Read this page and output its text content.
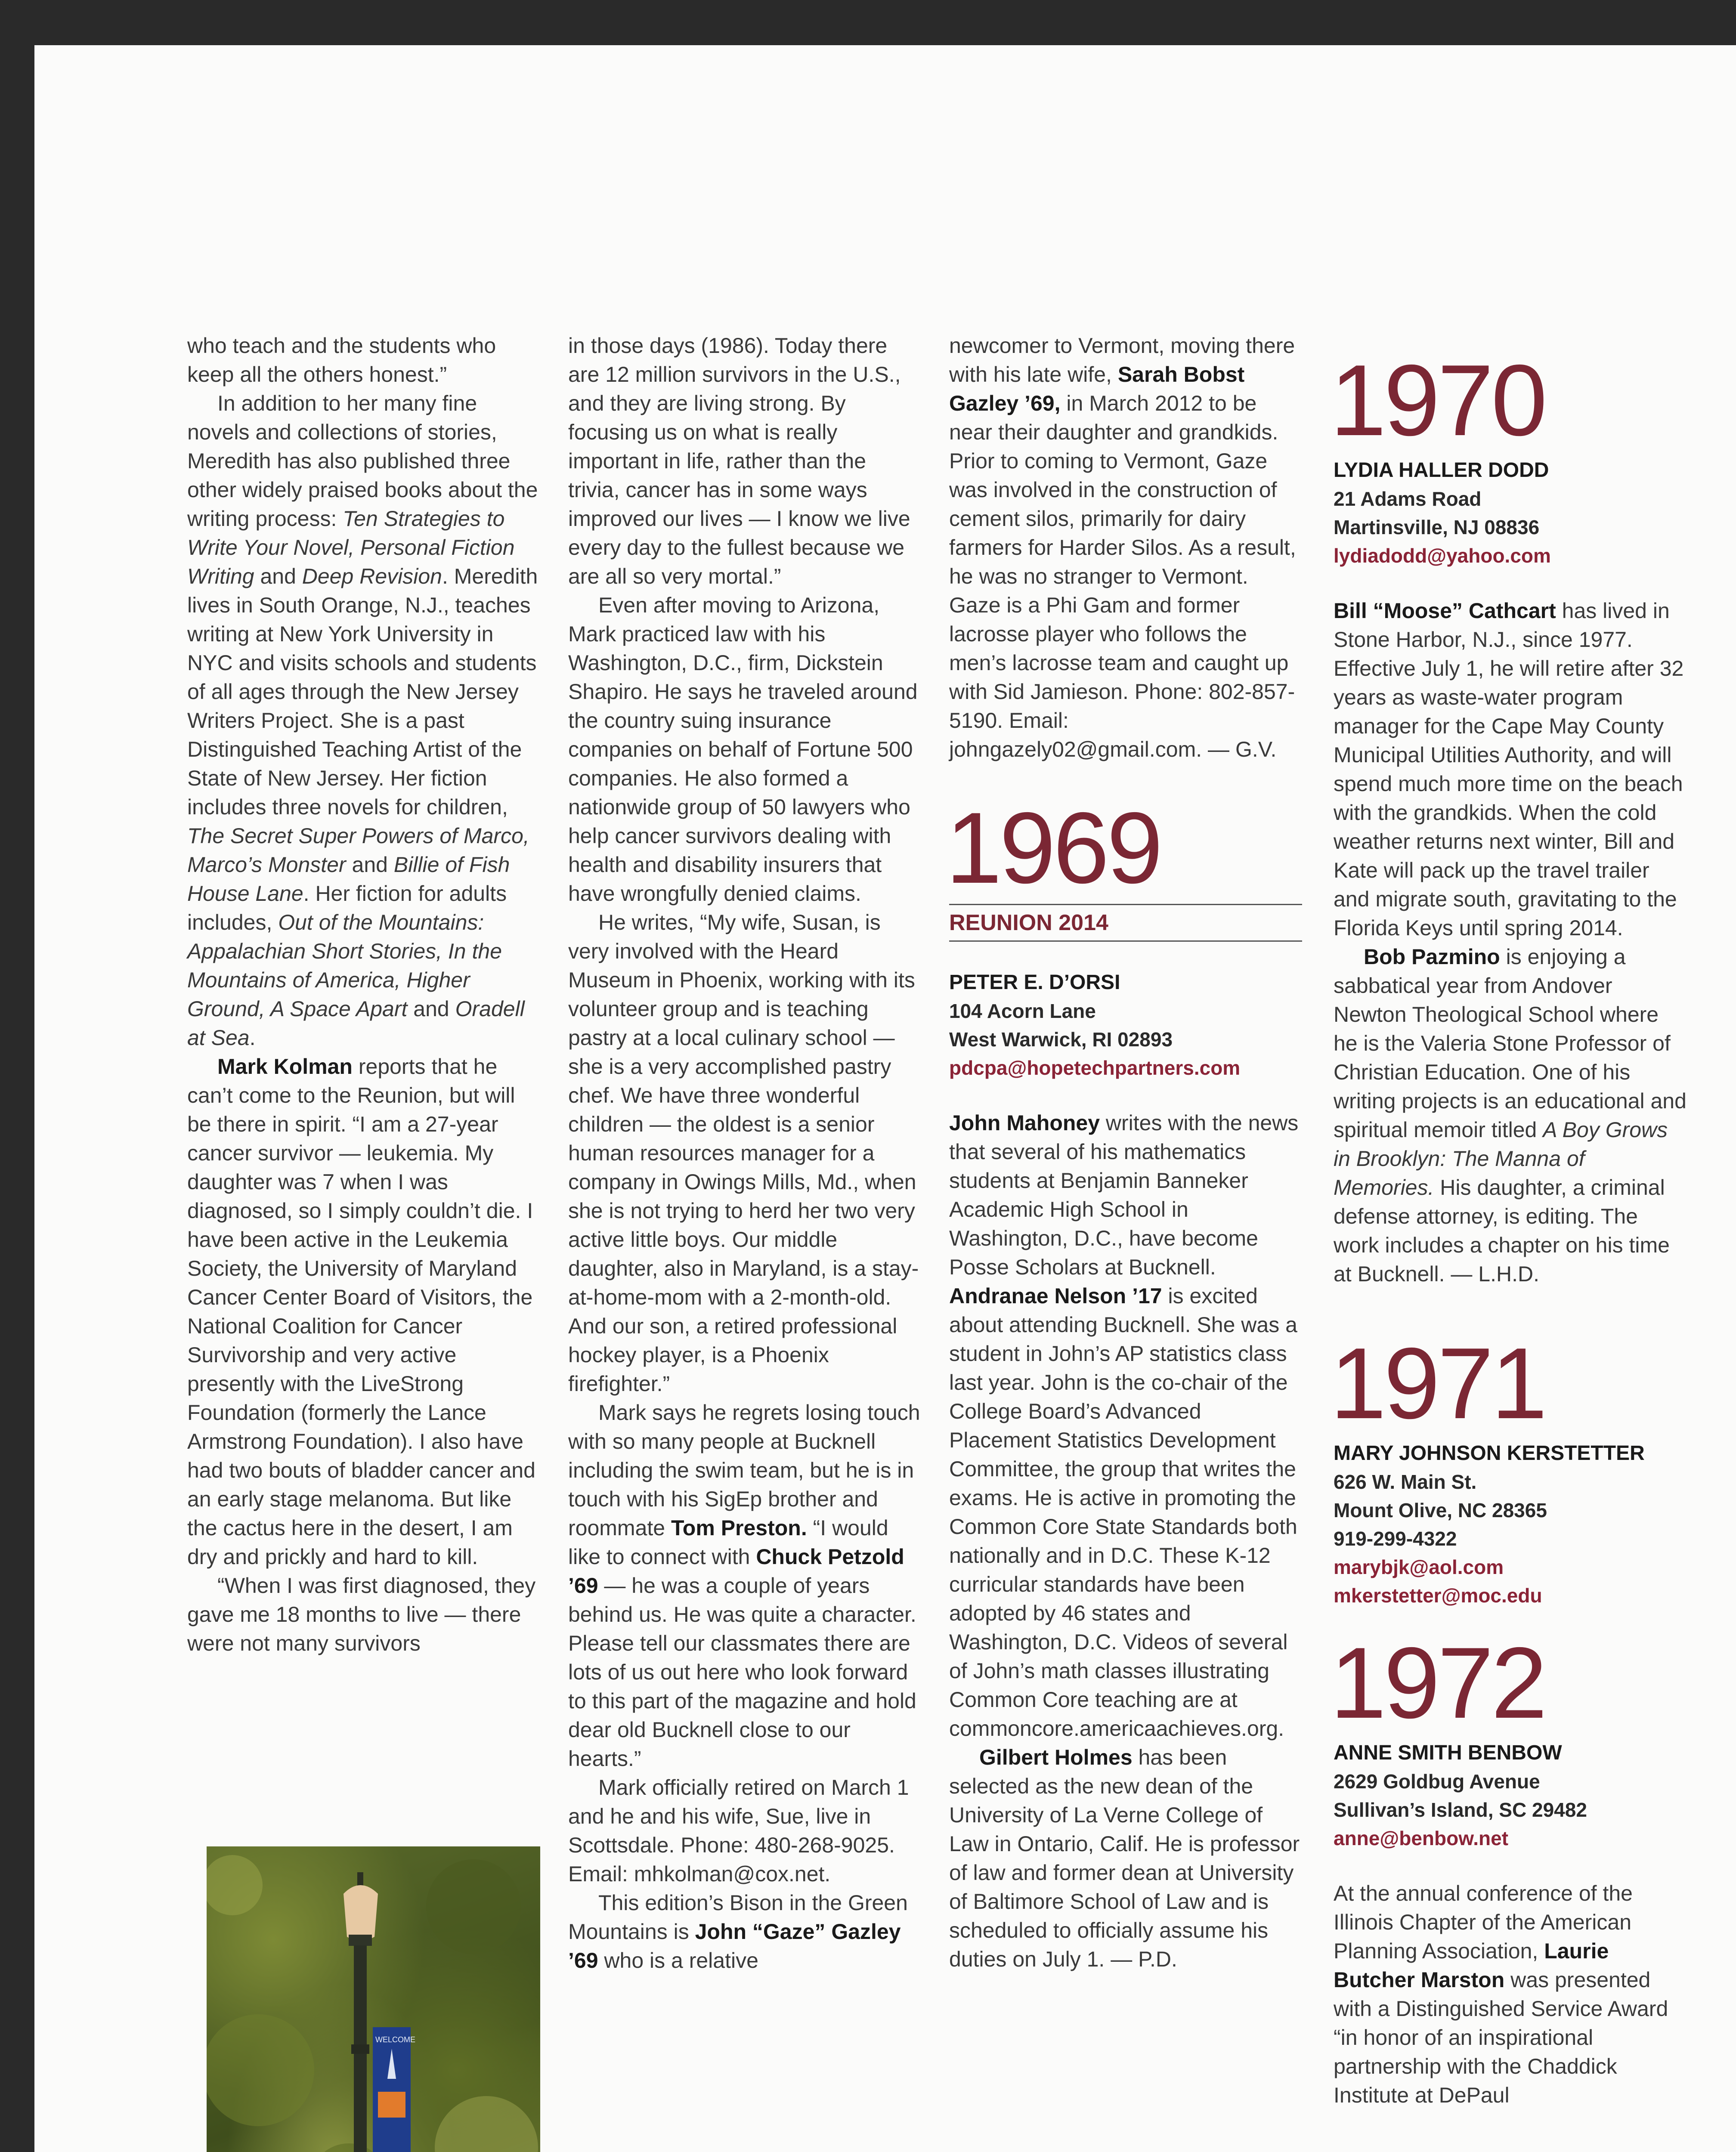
who teach and the students who keep all the others honest.”

In addition to her many fine novels and collections of stories, Meredith has also published three other widely praised books about the writing process: Ten Strategies to Write Your Novel, Personal Fiction Writing and Deep Revision. Meredith lives in South Orange, N.J., teaches writing at New York University in NYC and visits schools and students of all ages through the New Jersey Writers Project. She is a past Distinguished Teaching Artist of the State of New Jersey. Her fiction includes three novels for children, The Secret Super Powers of Marco, Marco’s Monster and Billie of Fish House Lane. Her fiction for adults includes, Out of the Mountains: Appalachian Short Stories, In the Mountains of America, Higher Ground, A Space Apart and Oradell at Sea.

Mark Kolman reports that he can’t come to the Reunion, but will be there in spirit. “I am a 27-year cancer survivor — leukemia. My daughter was 7 when I was diagnosed, so I simply couldn’t die. I have been active in the Leukemia Society, the University of Maryland Cancer Center Board of Visitors, the National Coalition for Cancer Survivorship and very active presently with the LiveStrong Foundation (formerly the Lance Armstrong Foundation). I also have had two bouts of bladder cancer and an early stage melanoma. But like the cactus here in the desert, I am dry and prickly and hard to kill.

“When I was first diagnosed, they gave me 18 months to live — there were not many survivors

WELCOME

in those days (1986). Today there are 12 million survivors in the U.S., and they are living strong. By focusing us on what is really important in life, rather than the trivia, cancer has in some ways improved our lives — I know we live every day to the fullest because we are all so very mortal.”

Even after moving to Arizona, Mark practiced law with his Washington, D.C., firm, Dickstein Shapiro. He says he traveled around the country suing insurance companies on behalf of Fortune 500 companies. He also formed a nationwide group of 50 lawyers who help cancer survivors dealing with health and disability insurers that have wrongfully denied claims.

He writes, “My wife, Susan, is very involved with the Heard Museum in Phoenix, working with its volunteer group and is teaching pastry at a local culinary school — she is a very accomplished pastry chef. We have three wonderful children — the oldest is a senior human resources manager for a company in Owings Mills, Md., when she is not trying to herd her two very active little boys. Our middle daughter, also in Maryland, is a stay-at-home-mom with a 2-month-old. And our son, a retired professional hockey player, is a Phoenix firefighter.”

Mark says he regrets losing touch with so many people at Bucknell including the swim team, but he is in touch with his SigEp brother and roommate Tom Preston. “I would like to connect with Chuck Petzold ’69 — he was a couple of years behind us. He was quite a character. Please tell our classmates there are lots of us out here who look forward to this part of the magazine and hold dear old Bucknell close to our hearts.”

Mark officially retired on March 1 and he and his wife, Sue, live in Scottsdale. Phone: 480-268-9025. Email: mhkolman@cox.net.

This edition’s Bison in the Green Mountains is John “Gaze” Gazley ’69 who is a relative

newcomer to Vermont, moving there with his late wife, Sarah Bobst Gazley ’69, in March 2012 to be near their daughter and grandkids. Prior to coming to Vermont, Gaze was involved in the construction of cement silos, primarily for dairy farmers for Harder Silos. As a result, he was no stranger to Vermont. Gaze is a Phi Gam and former lacrosse player who follows the men’s lacrosse team and caught up with Sid Jamieson. Phone: 802-857-5190. Email: johngazely02@gmail.com. — G.V.

1969
REUNION 2014
PETER E. D’ORSI
104 Acorn Lane
West Warwick, RI 02893
pdcpa@hopetechpartners.com

John Mahoney writes with the news that several of his mathematics students at Benjamin Banneker Academic High School in Washington, D.C., have become Posse Scholars at Bucknell. Andranae Nelson ’17 is excited about attending Bucknell. She was a student in John’s AP statistics class last year. John is the co-chair of the College Board’s Advanced Placement Statistics Development Committee, the group that writes the exams. He is active in promoting the Common Core State Standards both nationally and in D.C. These K-12 curricular standards have been adopted by 46 states and Washington, D.C. Videos of several of John’s math classes illustrating Common Core teaching are at commoncore.americaachieves.org.

Gilbert Holmes has been selected as the new dean of the University of La Verne College of Law in Ontario, Calif. He is professor of law and former dean at University of Baltimore School of Law and is scheduled to officially assume his duties on July 1. — P.D.

1970
LYDIA HALLER DODD
21 Adams Road
Martinsville, NJ 08836
lydiadodd@yahoo.com

Bill “Moose” Cathcart has lived in Stone Harbor, N.J., since 1977. Effective July 1, he will retire after 32 years as waste-water program manager for the Cape May County Municipal Utilities Authority, and will spend much more time on the beach with the grandkids. When the cold weather returns next winter, Bill and Kate will pack up the travel trailer and migrate south, gravitating to the Florida Keys until spring 2014.

Bob Pazmino is enjoying a sabbatical year from Andover Newton Theological School where he is the Valeria Stone Professor of Christian Education. One of his writing projects is an educational and spiritual memoir titled A Boy Grows in Brooklyn: The Manna of Memories. His daughter, a criminal defense attorney, is editing. The work includes a chapter on his time at Bucknell. — L.H.D.

1971
MARY JOHNSON KERSTETTER
626 W. Main St.
Mount Olive, NC 28365
919-299-4322
marybjk@aol.com
mkerstetter@moc.edu
1972
ANNE SMITH BENBOW
2629 Goldbug Avenue
Sullivan’s Island, SC 29482
anne@benbow.net

At the annual conference of the Illinois Chapter of the American Planning Association, Laurie Butcher Marston was presented with a Distinguished Service Award “in honor of an inspirational partnership with the Chaddick Institute at DePaul
